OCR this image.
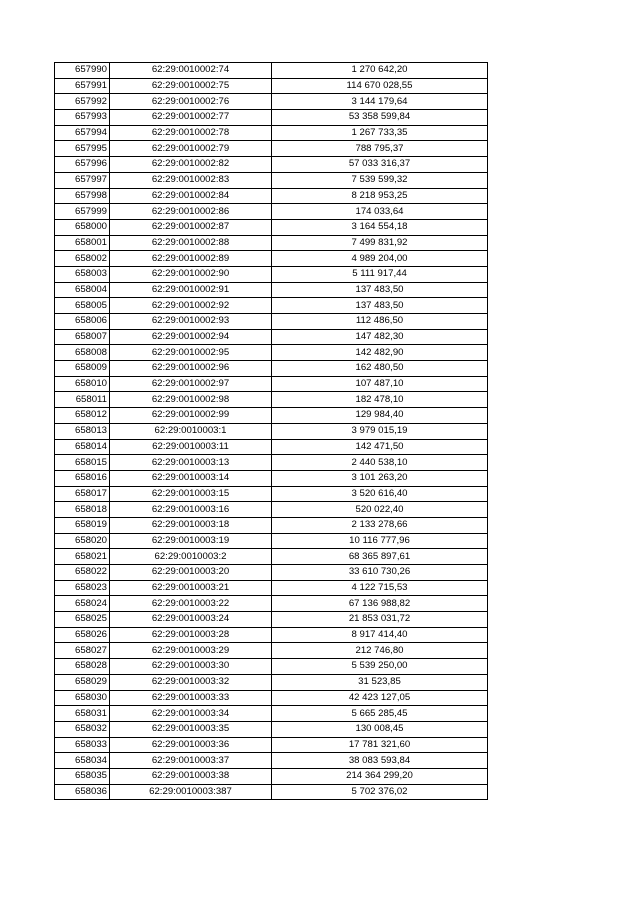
657990	62:29:0010002:74	1 270 642,20
657991	62:29:0010002:75	114 670 028,55
657992	62:29:0010002:76	3 144 179,64
657993	62:29:0010002:77	53 358 599,84
657994	62:29:0010002:78	1 267 733,35
657995	62:29:0010002:79	788 795,37
657996	62:29:0010002:82	57 033 316,37
657997	62:29:0010002:83	7 539 599,32
657998	62:29:0010002:84	8 218 953,25
657999	62:29:0010002:86	174 033,64
658000	62:29:0010002:87	3 164 554,18
658001	62:29:0010002:88	7 499 831,92
658002	62:29:0010002:89	4 989 204,00
658003	62:29:0010002:90	5 111 917,44
658004	62:29:0010002:91	137 483,50
658005	62:29:0010002:92	137 483,50
658006	62:29:0010002:93	112 486,50
658007	62:29:0010002:94	147 482,30
658008	62:29:0010002:95	142 482,90
658009	62:29:0010002:96	162 480,50
658010	62:29:0010002:97	107 487,10
658011	62:29:0010002:98	182 478,10
658012	62:29:0010002:99	129 984,40
658013	62:29:0010003:1	3 979 015,19
658014	62:29:0010003:11	142 471,50
658015	62:29:0010003:13	2 440 538,10
658016	62:29:0010003:14	3 101 263,20
658017	62:29:0010003:15	3 520 616,40
658018	62:29:0010003:16	520 022,40
658019	62:29:0010003:18	2 133 278,66
658020	62:29:0010003:19	10 116 777,96
658021	62:29:0010003:2	68 365 897,61
658022	62:29:0010003:20	33 610 730,26
658023	62:29:0010003:21	4 122 715,53
658024	62:29:0010003:22	67 136 988,82
658025	62:29:0010003:24	21 853 031,72
658026	62:29:0010003:28	8 917 414,40
658027	62:29:0010003:29	212 746,80
658028	62:29:0010003:30	5 539 250,00
658029	62:29:0010003:32	31 523,85
658030	62:29:0010003:33	42 423 127,05
658031	62:29:0010003:34	5 665 285,45
658032	62:29:0010003:35	130 008,45
658033	62:29:0010003:36	17 781 321,60
658034	62:29:0010003:37	38 083 593,84
658035	62:29:0010003:38	214 364 299,20
658036	62:29:0010003:387	5 702 376,02
